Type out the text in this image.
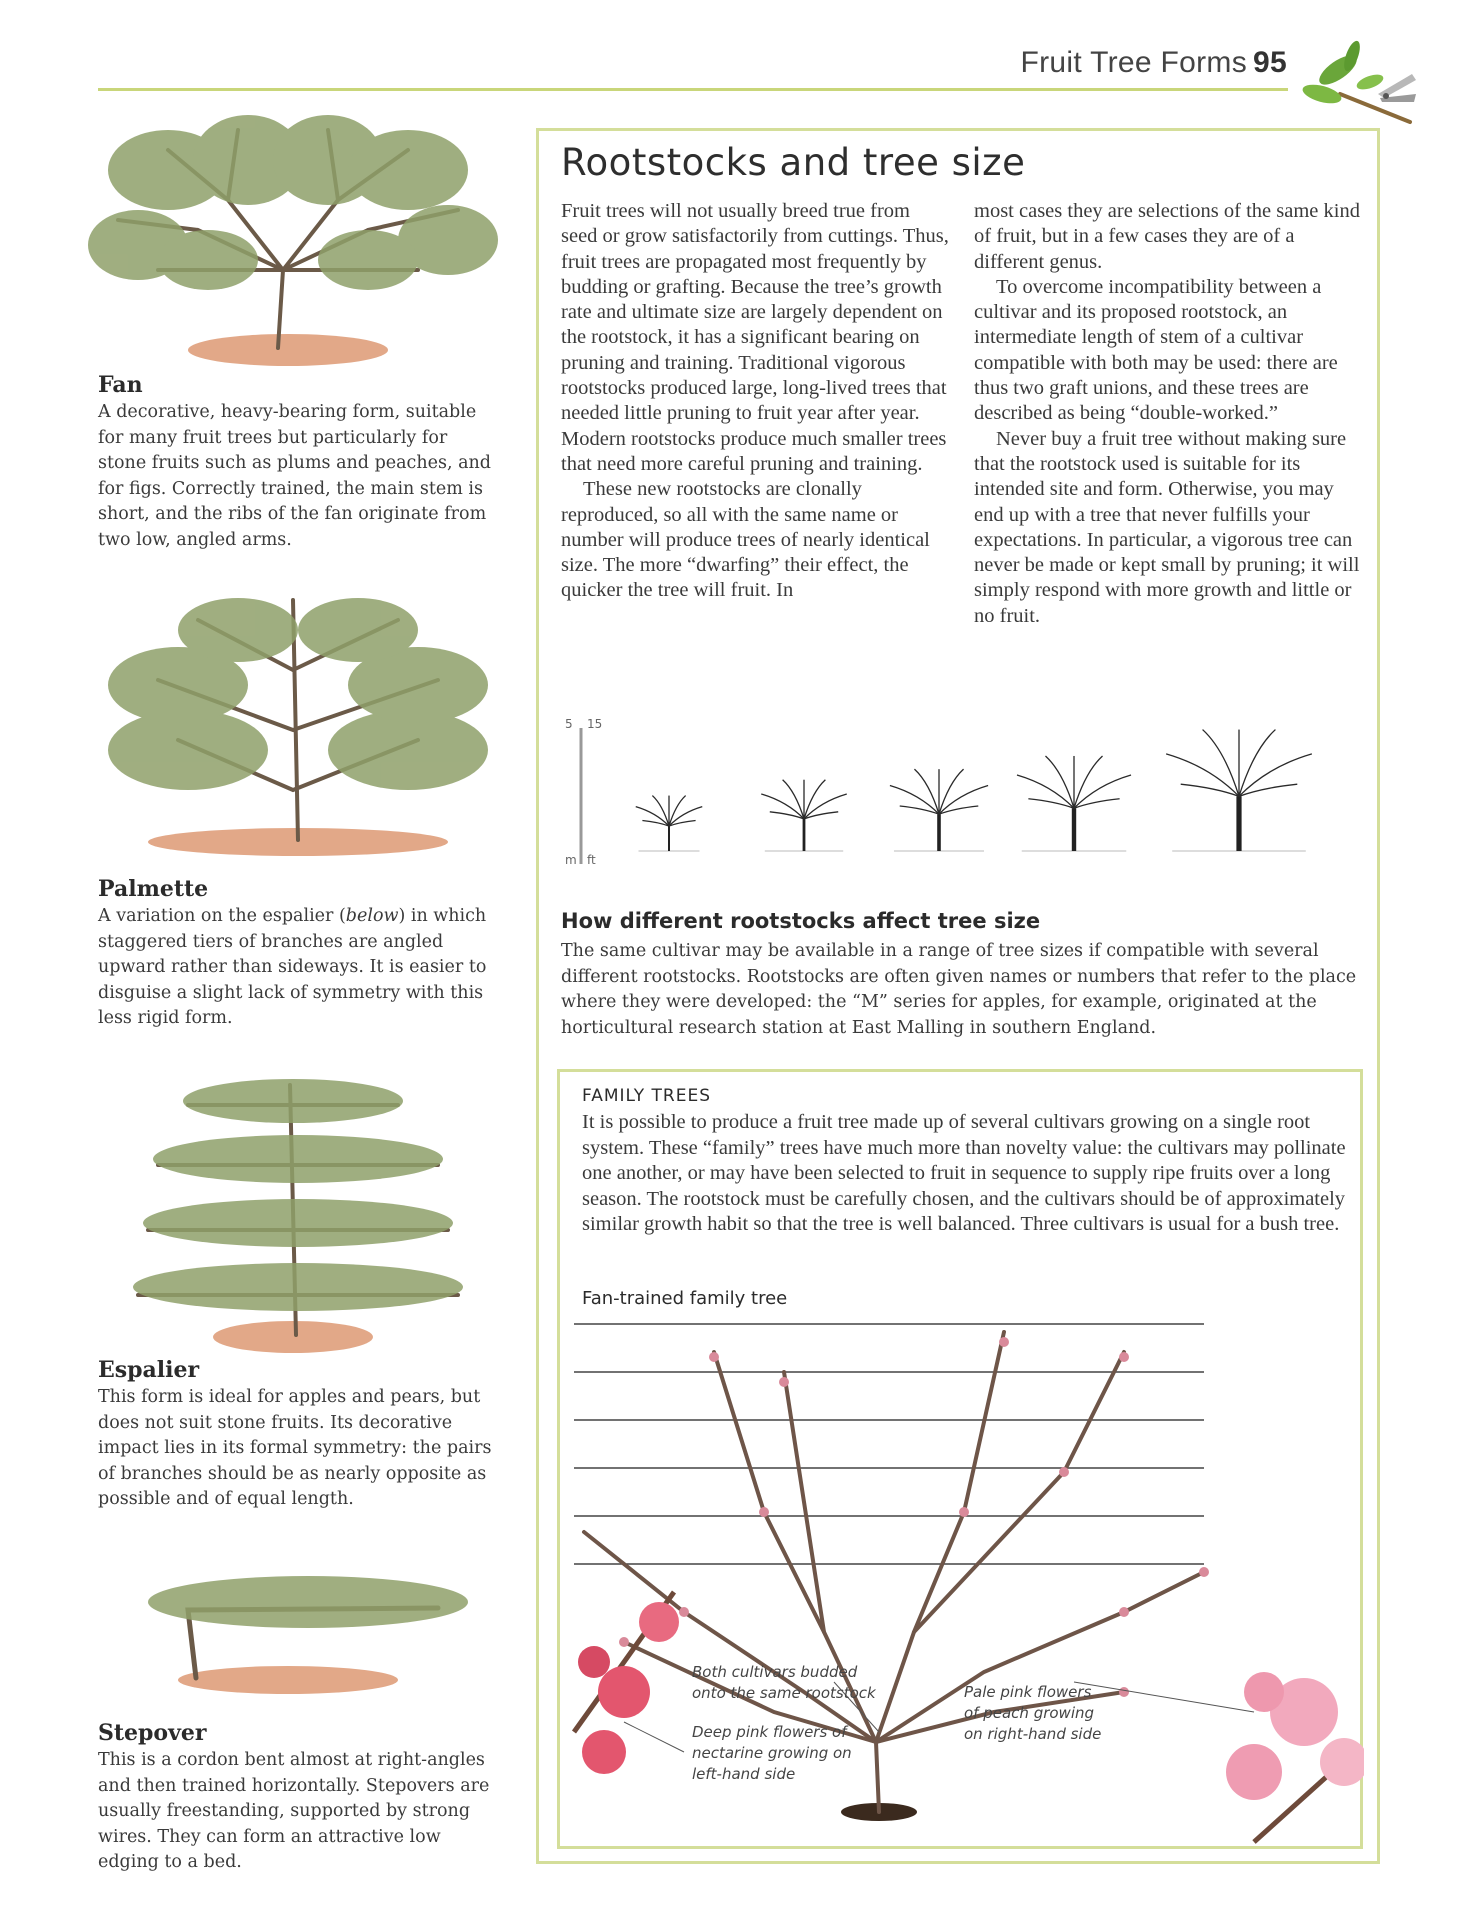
Fruit Tree Forms 95
Fan
A decorative, heavy-bearing form, suitable for many fruit trees but particularly for stone fruits such as plums and peaches, and for figs. Correctly trained, the main stem is short, and the ribs of the fan originate from two low, angled arms.
Palmette
A variation on the espalier (below) in which staggered tiers of branches are angled upward rather than sideways. It is easier to disguise a slight lack of symmetry with this less rigid form.
Espalier
This form is ideal for apples and pears, but does not suit stone fruits. Its decorative impact lies in its formal symmetry: the pairs of branches should be as nearly opposite as possible and of equal length.
Stepover
This is a cordon bent almost at right-angles and then trained horizontally. Stepovers are usually freestanding, supported by strong wires. They can form an attractive low edging to a bed.
Rootstocks and tree size

Fruit trees will not usually breed true from seed or grow satisfactorily from cuttings. Thus, fruit trees are propagated most frequently by budding or grafting. Because the tree’s growth rate and ultimate size are largely dependent on the rootstock, it has a significant bearing on pruning and training. Traditional vigorous rootstocks produced large, long-lived trees that needed little pruning to fruit year after year. Modern rootstocks produce much smaller trees that need more careful pruning and training.

These new rootstocks are clonally reproduced, so all with the same name or number will produce trees of nearly identical size. The more “dwarfing” their effect, the quicker the tree will fruit. In

most cases they are selections of the same kind of fruit, but in a few cases they are of a different genus.

To overcome incompatibility between a cultivar and its proposed rootstock, an intermediate length of stem of a cultivar compatible with both may be used: there are thus two graft unions, and these trees are described as being “double-worked.”

Never buy a fruit tree without making sure that the rootstock used is suitable for its intended site and form. Otherwise, you may end up with a tree that never fulfills your expectations. In particular, a vigorous tree can never be made or kept small by pruning; it will simply respond with more growth and little or no fruit.

5 15
m ft
How different rootstocks affect tree size
The same cultivar may be available in a range of tree sizes if compatible with several different rootstocks. Rootstocks are often given names or numbers that refer to the place where they were developed: the “M” series for apples, for example, originated at the horticultural research station at East Malling in southern England.
FAMILY TREES
It is possible to produce a fruit tree made up of several cultivars growing on a single root system. These “family” trees have much more than novelty value: the cultivars may pollinate one another, or may have been selected to fruit in sequence to supply ripe fruits over a long season. The rootstock must be carefully chosen, and the cultivars should be of approximately similar growth habit so that the tree is well balanced. Three cultivars is usual for a bush tree.
Fan-trained family tree
Both cultivars budded
onto the same rootstock
Deep pink flowers of
nectarine growing on
left-hand side
Pale pink flowers
of peach growing
on right-hand side
